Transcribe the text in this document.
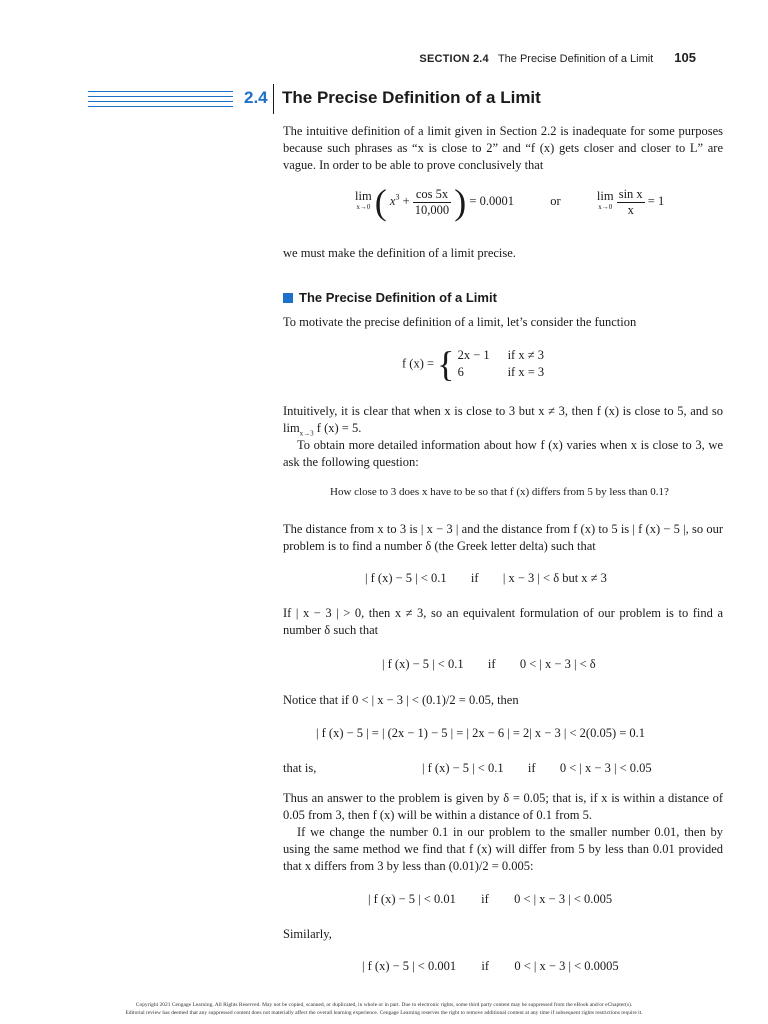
SECTION 2.4 The Precise Definition of a Limit 105
2.4 The Precise Definition of a Limit
The intuitive definition of a limit given in Section 2.2 is inadequate for some purposes because such phrases as “x is close to 2” and “f (x) gets closer and closer to L” are vague. In order to be able to prove conclusively that
lim
x→0 ( $x^3 + \frac{\cos 5x}{10,000}$ ) = 0.0001	or	lim
x→0
$\frac{\text{sin x}}{x} = 1$
we must make the definition of a limit precise.
The Precise Definition of a Limit
To motivate the precise definition of a limit, let’s consider the function
f (x) = { 2x − 1 if x ≠ 3
6	if x = 3
Intuitively, it is clear that when x is close to 3 but x ≠ 3, then f (x) is close to 5, and so $\lim_{x\to 3} f$ (x) = 5.
To obtain more detailed information about how f (x) varies when x is close to 3, we ask the following question:
How close to 3 does x have to be so that f (x) differs from 5 by less than 0.1?
The distance from x to 3 is | x − 3 | and the distance from f (x) to 5 is | f (x) − 5 |, so our problem is to find a number δ (the Greek letter delta) such that
| f (x) − 5 | < 0.1 if | x − 3 | < δ but x ≠ 3
If | x − 3 | > 0, then x ≠ 3, so an equivalent formulation of our problem is to find a number δ such that
| f (x) − 5 | < 0.1 if 0 < | x − 3 | < δ
Notice that if 0 < | x − 3 | < (0.1)/2 = 0.05, then
| f (x) − 5 | = | (2x − 1) − 5 | = | 2x − 6 | = 2| x − 3 | < 2(0.05) = 0.1
that is,	| f (x) − 5 | < 0.1 if 0 < | x − 3 | < 0.05
Thus an answer to the problem is given by δ = 0.05; that is, if x is within a distance of 0.05 from 3, then f (x) will be within a distance of 0.1 from 5.
If we change the number 0.1 in our problem to the smaller number 0.01, then by using the same method we find that f (x) will differ from 5 by less than 0.01 provided that x differs from 3 by less than (0.01)/2 = 0.005:
| f (x) − 5 | < 0.01 if 0 < | x − 3 | < 0.005
Similarly,
| f (x) − 5 | < 0.001 if 0 < | x − 3 | < 0.0005
Copyright 2021 Cengage Learning. All Rights Reserved. May not be copied, scanned, or duplicated, in whole or in part. Due to electronic rights, some third party content may be suppressed from the eBook and/or eChapter(s).
Editorial review has deemed that any suppressed content does not materially affect the overall learning experience. Cengage Learning reserves the right to remove additional content at any time if subsequent rights restrictions require it.
